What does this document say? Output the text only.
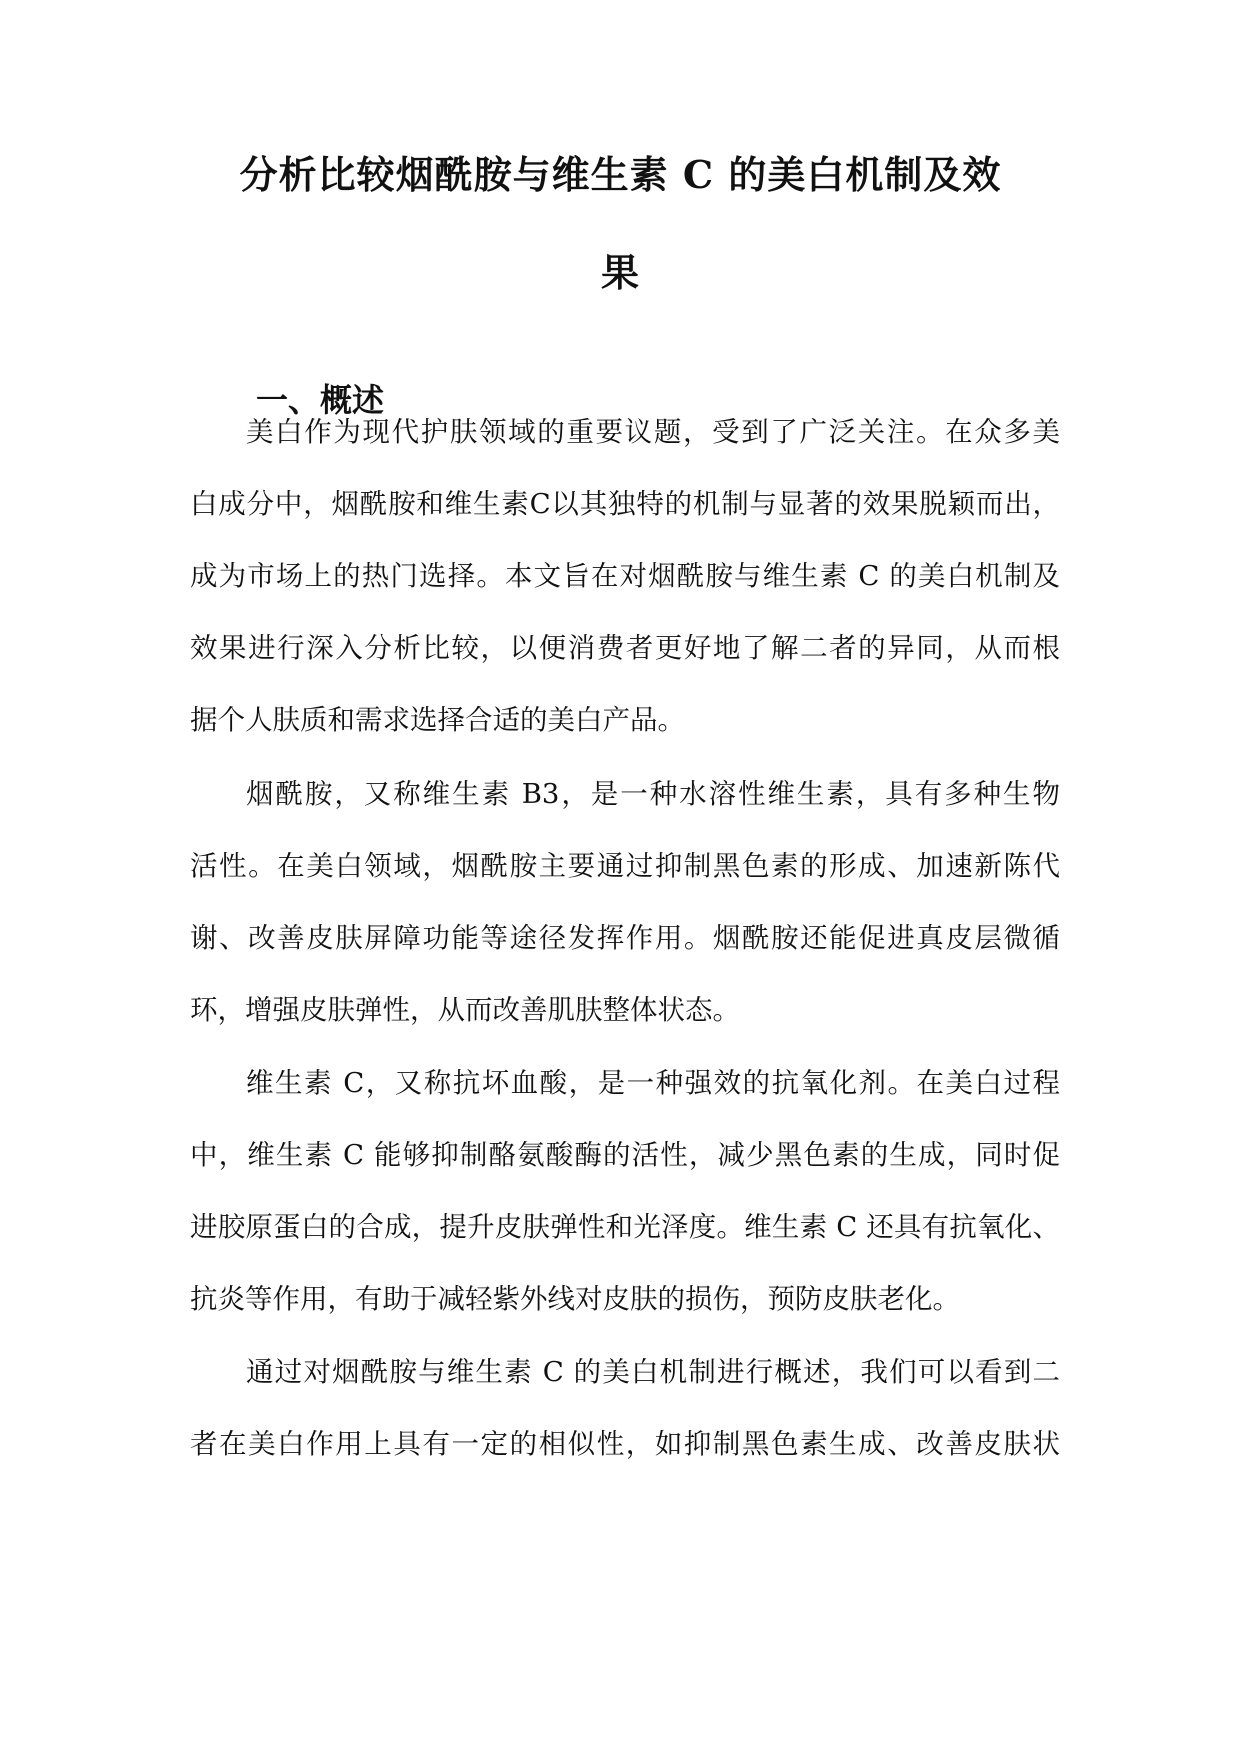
分析比较烟酰胺与维生素 C 的美白机制及效
果
一、概述

美白作为现代护肤领域的重要议题，受到了广泛关注。在众多美

白成分中，烟酰胺和维生素C以其独特的机制与显著的效果脱颖而出，

成为市场上的热门选择。本文旨在对烟酰胺与维生素 C 的美白机制及

效果进行深入分析比较，以便消费者更好地了解二者的异同，从而根

据个人肤质和需求选择合适的美白产品。

烟酰胺，又称维生素 B3，是一种水溶性维生素，具有多种生物

活性。在美白领域，烟酰胺主要通过抑制黑色素的形成、加速新陈代

谢、改善皮肤屏障功能等途径发挥作用。烟酰胺还能促进真皮层微循

环，增强皮肤弹性，从而改善肌肤整体状态。

维生素 C，又称抗坏血酸，是一种强效的抗氧化剂。在美白过程

中，维生素 C 能够抑制酪氨酸酶的活性，减少黑色素的生成，同时促

进胶原蛋白的合成，提升皮肤弹性和光泽度。维生素 C 还具有抗氧化、

抗炎等作用，有助于减轻紫外线对皮肤的损伤，预防皮肤老化。

通过对烟酰胺与维生素 C 的美白机制进行概述，我们可以看到二

者在美白作用上具有一定的相似性，如抑制黑色素生成、改善皮肤状
